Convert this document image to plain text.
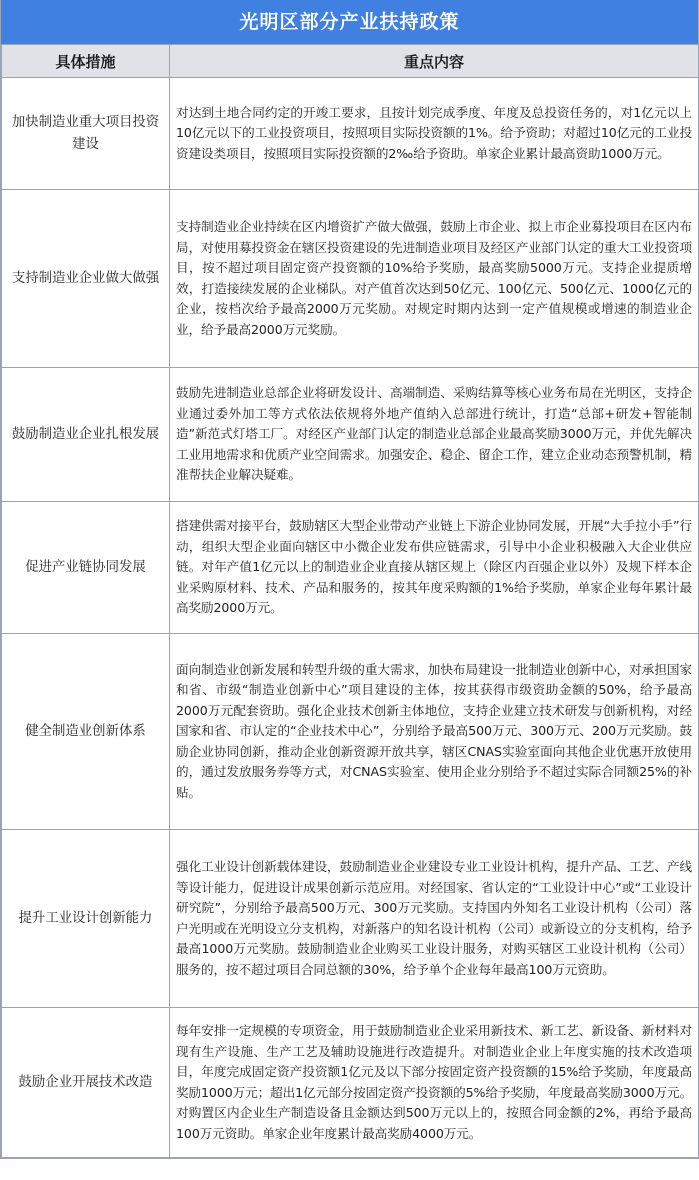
光明区部分产业扶持政策
具体措施	重点内容
加快制造业重大项目投资建设	对达到土地合同约定的开竣工要求，且按计划完成季度、年度及总投资任务的，对1亿元以上10亿元以下的工业投资项目，按照项目实际投资额的1%。给予资助；对超过10亿元的工业投资建设类项目，按照项目实际投资额的2‰给予资助。单家企业累计最高资助1000万元。
支持制造业企业做大做强	支持制造业企业持续在区内增资扩产做大做强，鼓励上市企业、拟上市企业募投项目在区内布局，对使用募投资金在辖区投资建设的先进制造业项目及经区产业部门认定的重大工业投资项目，按不超过项目固定资产投资额的10%给予奖励，最高奖励5000万元。支持企业提质增效，打造接续发展的企业梯队。对产值首次达到50亿元、100亿元、500亿元、1000亿元的企业，按档次给予最高2000万元奖励。对规定时期内达到一定产值规模或增速的制造业企业，给予最高2000万元奖励。
鼓励制造业企业扎根发展	鼓励先进制造业总部企业将研发设计、高端制造、采购结算等核心业务布局在光明区，支持企业通过委外加工等方式依法依规将外地产值纳入总部进行统计，打造“总部+研发+智能制造”新范式灯塔工厂。对经区产业部门认定的制造业总部企业最高奖励3000万元，并优先解决工业用地需求和优质产业空间需求。加强安企、稳企、留企工作，建立企业动态预警机制，精准帮扶企业解决疑难。
促进产业链协同发展	搭建供需对接平台，鼓励辖区大型企业带动产业链上下游企业协同发展，开展“大手拉小手”行动，组织大型企业面向辖区中小微企业发布供应链需求，引导中小企业积极融入大企业供应链。对年产值1亿元以上的制造业企业直接从辖区规上（除区内百强企业以外）及规下样本企业采购原材料、技术、产品和服务的，按其年度采购额的1%给予奖励，单家企业每年累计最高奖励2000万元。
健全制造业创新体系	面向制造业创新发展和转型升级的重大需求，加快布局建设一批制造业创新中心，对承担国家和省、市级“制造业创新中心”项目建设的主体，按其获得市级资助金额的50%，给予最高2000万元配套资助。强化企业技术创新主体地位，支持企业建立技术研发与创新机构，对经国家和省、市认定的“企业技术中心”，分别给予最高500万元、300万元、200万元奖励。鼓励企业协同创新，推动企业创新资源开放共享，辖区CNAS实验室面向其他企业优惠开放使用的，通过发放服务券等方式，对CNAS实验室、使用企业分别给予不超过实际合同额25%的补贴。
提升工业设计创新能力	强化工业设计创新载体建设，鼓励制造业企业建设专业工业设计机构，提升产品、工艺、产线等设计能力，促进设计成果创新示范应用。对经国家、省认定的“工业设计中心”或“工业设计研究院”，分别给予最高500万元、300万元奖励。支持国内外知名工业设计机构（公司）落户光明或在光明设立分支机构，对新落户的知名设计机构（公司）或新设立的分支机构，给予最高1000万元奖励。鼓励制造业企业购买工业设计服务，对购买辖区工业设计机构（公司）服务的，按不超过项目合同总额的30%，给予单个企业每年最高100万元资助。
鼓励企业开展技术改造	每年安排一定规模的专项资金，用于鼓励制造业企业采用新技术、新工艺、新设备、新材料对现有生产设施、生产工艺及辅助设施进行改造提升。对制造业企业上年度实施的技术改造项目，年度完成固定资产投资额1亿元及以下部分按固定资产投资额的15%给予奖励，年度最高奖励1000万元；超出1亿元部分按固定资产投资额的5%给予奖励，年度最高奖励3000万元。对购置区内企业生产制造设备且金额达到500万元以上的，按照合同金额的2%，再给予最高100万元资助。单家企业年度累计最高奖励4000万元。
